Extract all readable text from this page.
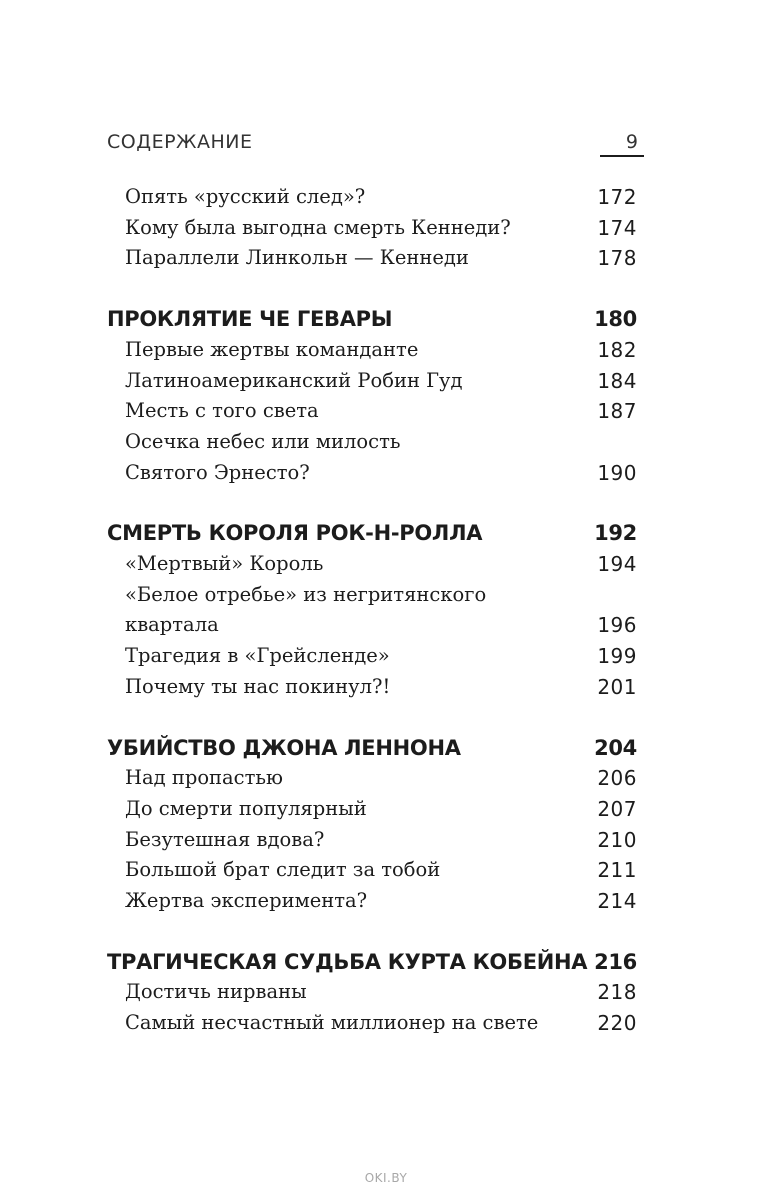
СОДЕРЖАНИЕ	9
Опять «русский след»?	172
Кому была выгодна смерть Кеннеди?	174
Параллели Линкольн — Кеннеди	178
ПРОКЛЯТИЕ ЧЕ ГЕВАРЫ	180
Первые жертвы команданте	182
Латиноамериканский Робин Гуд	184
Месть с того света	187
Осечка небес или милость
Святого Эрнесто?	190
СМЕРТЬ КОРОЛЯ РОК-Н-РОЛЛА	192
«Мертвый» Король	194
«Белое отребье» из негритянского
квартала	196
Трагедия в «Грейсленде»	199
Почему ты нас покинул?!	201
УБИЙСТВО ДЖОНА ЛЕННОНА	204
Над пропастью	206
До смерти популярный	207
Безутешная вдова?	210
Большой брат следит за тобой	211
Жертва эксперимента?	214
ТРАГИЧЕСКАЯ СУДЬБА КУРТА КОБЕЙНА 216
Достичь нирваны	218
Самый несчастный миллионер на свете	220
OKI.BY
